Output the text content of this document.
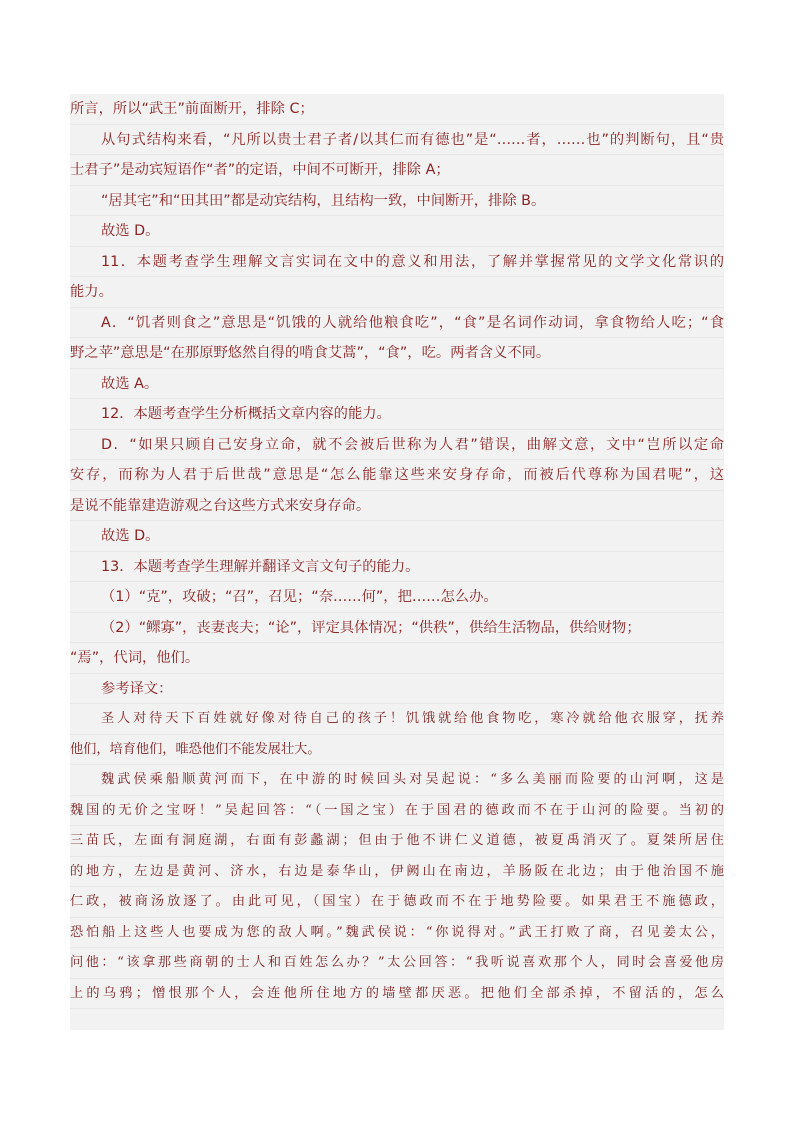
所言，所以“武王”前面断开，排除 C；
从句式结构来看，“凡所以贵士君子者/以其仁而有德也”是“……者，……也”的判断句，且“贵
士君子”是动宾短语作“者”的定语，中间不可断开，排除 A；
“居其宅”和“田其田”都是动宾结构，且结构一致，中间断开，排除 B。
故选 D。
11．本题考查学生理解文言实词在文中的意义和用法，了解并掌握常见的文学文化常识的
能力。
A．“饥者则食之”意思是“饥饿的人就给他粮食吃”，“食”是名词作动词，拿食物给人吃；“食
野之苹”意思是“在那原野悠然自得的啃食艾蒿”，“食”，吃。两者含义不同。
故选 A。
12．本题考查学生分析概括文章内容的能力。
D．“如果只顾自己安身立命，就不会被后世称为人君”错误，曲解文意，文中“岂所以定命
安存，而称为人君于后世哉”意思是“怎么能靠这些来安身存命，而被后代尊称为国君呢”，这
是说不能靠建造游观之台这些方式来安身存命。
故选 D。
13．本题考查学生理解并翻译文言文句子的能力。
（1）“克”，攻破；“召”，召见；“奈……何”，把……怎么办。
（2）“鳏寡”，丧妻丧夫；“论”，评定具体情况；“供秩”，供给生活物品，供给财物；
“焉”，代词，他们。
参考译文：
圣人对待天下百姓就好像对待自己的孩子！饥饿就给他食物吃，寒冷就给他衣服穿，抚养
他们，培育他们，唯恐他们不能发展壮大。
魏武侯乘船顺黄河而下，在中游的时候回头对吴起说：“多么美丽而险要的山河啊，这是
魏国的无价之宝呀！”吴起回答：“（一国之宝）在于国君的德政而不在于山河的险要。当初的
三苗氏，左面有洞庭湖，右面有彭蠡湖；但由于他不讲仁义道德，被夏禹消灭了。夏桀所居住
的地方，左边是黄河、济水，右边是泰华山，伊阙山在南边，羊肠阪在北边；由于他治国不施
仁政，被商汤放逐了。由此可见，（国宝）在于德政而不在于地势险要。如果君王不施德政，
恐怕船上这些人也要成为您的敌人啊。”魏武侯说：“你说得对。”武王打败了商，召见姜太公，
问他：“该拿那些商朝的士人和百姓怎么办？”太公回答：“我听说喜欢那个人，同时会喜爱他房
上的乌鸦；憎恨那个人，会连他所住地方的墙壁都厌恶。把他们全部杀掉，不留活的，怎么
